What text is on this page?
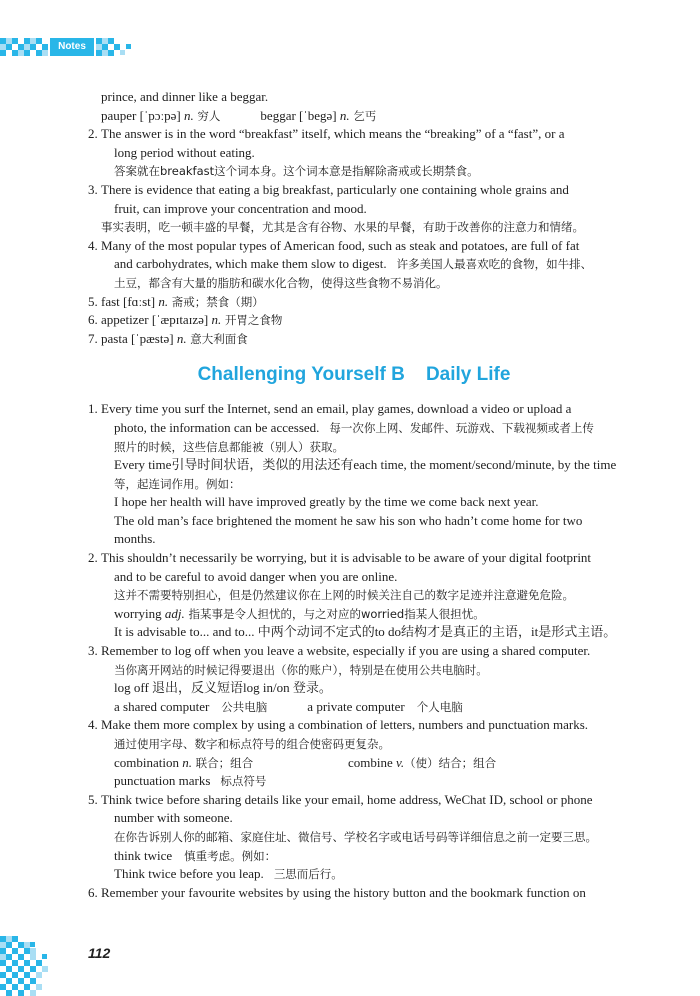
Notes
112

prince, and dinner like a beggar.

pauper [ˈpɔːpə] n. 穷人	beggar [ˈbegə] n. 乞丐

2. The answer is in the word “breakfast” itself, which means the “breaking” of a “fast”, or a

long period without eating.

答案就在breakfast这个词本身。这个词本意是指解除斋戒或长期禁食。

3. There is evidence that eating a big breakfast, particularly one containing whole grains and

fruit, can improve your concentration and mood.

事实表明，吃一顿丰盛的早餐，尤其是含有谷物、水果的早餐，有助于改善你的注意力和情绪。

4. Many of the most popular types of American food, such as steak and potatoes, are full of fat

and carbohydrates, which make them slow to digest. 许多美国人最喜欢吃的食物，如牛排、

土豆，都含有大量的脂肪和碳水化合物，使得这些食物不易消化。

5. fast [fɑːst] n. 斋戒；禁食（期）

6. appetizer [ˈæpɪtaɪzə] n. 开胃之食物

7. pasta [ˈpæstə] n. 意大利面食

Challenging Yourself B    Daily Life
1. Every time you surf the Internet, send an email, play games, download a video or upload a

photo, the information can be accessed. 每一次你上网、发邮件、玩游戏、下载视频或者上传

照片的时候，这些信息都能被（别人）获取。

Every time引导时间状语，类似的用法还有each time, the moment/second/minute, by the time

等，起连词作用。例如：

I hope her health will have improved greatly by the time we come back next year.

The old man’s face brightened the moment he saw his son who hadn’t come home for two

months.

2. This shouldn’t necessarily be worrying, but it is advisable to be aware of your digital footprint

and to be careful to avoid danger when you are online.

这并不需要特别担心，但是仍然建议你在上网的时候关注自己的数字足迹并注意避免危险。

worrying adj. 指某事是令人担忧的，与之对应的worried指某人很担忧。

It is advisable to... and to... 中两个动词不定式的to do结构才是真正的主语，it是形式主语。

3. Remember to log off when you leave a website, especially if you are using a shared computer.

当你离开网站的时候记得要退出（你的账户），特别是在使用公共电脑时。

log off 退出，反义短语log in/on 登录。

a shared computer 公共电脑	a private computer 个人电脑

4. Make them more complex by using a combination of letters, numbers and punctuation marks.

通过使用字母、数字和标点符号的组合使密码更复杂。

combination n. 联合；组合	combine v.（使）结合；组合

punctuation marks 标点符号

5. Think twice before sharing details like your email, home address, WeChat ID, school or phone

number with someone.

在你告诉别人你的邮箱、家庭住址、微信号、学校名字或电话号码等详细信息之前一定要三思。

think twice 慎重考虑。例如：

Think twice before you leap. 三思而后行。

6. Remember your favourite websites by using the history button and the bookmark function on
